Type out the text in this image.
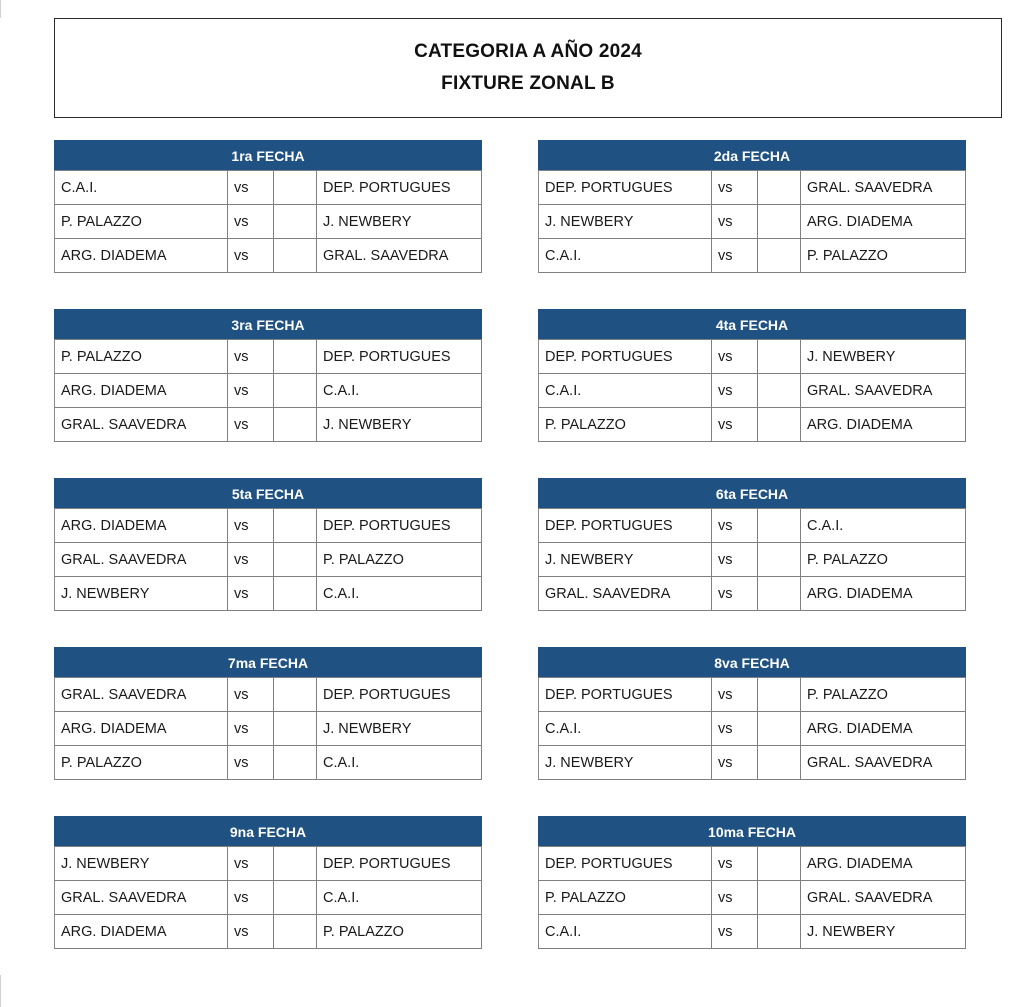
CATEGORIA A AÑO 2024
FIXTURE ZONAL B
1ra FECHA
C.A.I.	vs		DEP. PORTUGUES
P. PALAZZO	vs		J. NEWBERY
ARG. DIADEMA	vs		GRAL. SAAVEDRA
2da FECHA
DEP. PORTUGUES	vs		GRAL. SAAVEDRA
J. NEWBERY	vs		ARG. DIADEMA
C.A.I.	vs		P. PALAZZO
3ra FECHA
P. PALAZZO	vs		DEP. PORTUGUES
ARG. DIADEMA	vs		C.A.I.
GRAL. SAAVEDRA	vs		J. NEWBERY
4ta FECHA
DEP. PORTUGUES	vs		J. NEWBERY
C.A.I.	vs		GRAL. SAAVEDRA
P. PALAZZO	vs		ARG. DIADEMA
5ta FECHA
ARG. DIADEMA	vs		DEP. PORTUGUES
GRAL. SAAVEDRA	vs		P. PALAZZO
J. NEWBERY	vs		C.A.I.
6ta FECHA
DEP. PORTUGUES	vs		C.A.I.
J. NEWBERY	vs		P. PALAZZO
GRAL. SAAVEDRA	vs		ARG. DIADEMA
7ma FECHA
GRAL. SAAVEDRA	vs		DEP. PORTUGUES
ARG. DIADEMA	vs		J. NEWBERY
P. PALAZZO	vs		C.A.I.
8va FECHA
DEP. PORTUGUES	vs		P. PALAZZO
C.A.I.	vs		ARG. DIADEMA
J. NEWBERY	vs		GRAL. SAAVEDRA
9na FECHA
J. NEWBERY	vs		DEP. PORTUGUES
GRAL. SAAVEDRA	vs		C.A.I.
ARG. DIADEMA	vs		P. PALAZZO
10ma FECHA
DEP. PORTUGUES	vs		ARG. DIADEMA
P. PALAZZO	vs		GRAL. SAAVEDRA
C.A.I.	vs		J. NEWBERY
